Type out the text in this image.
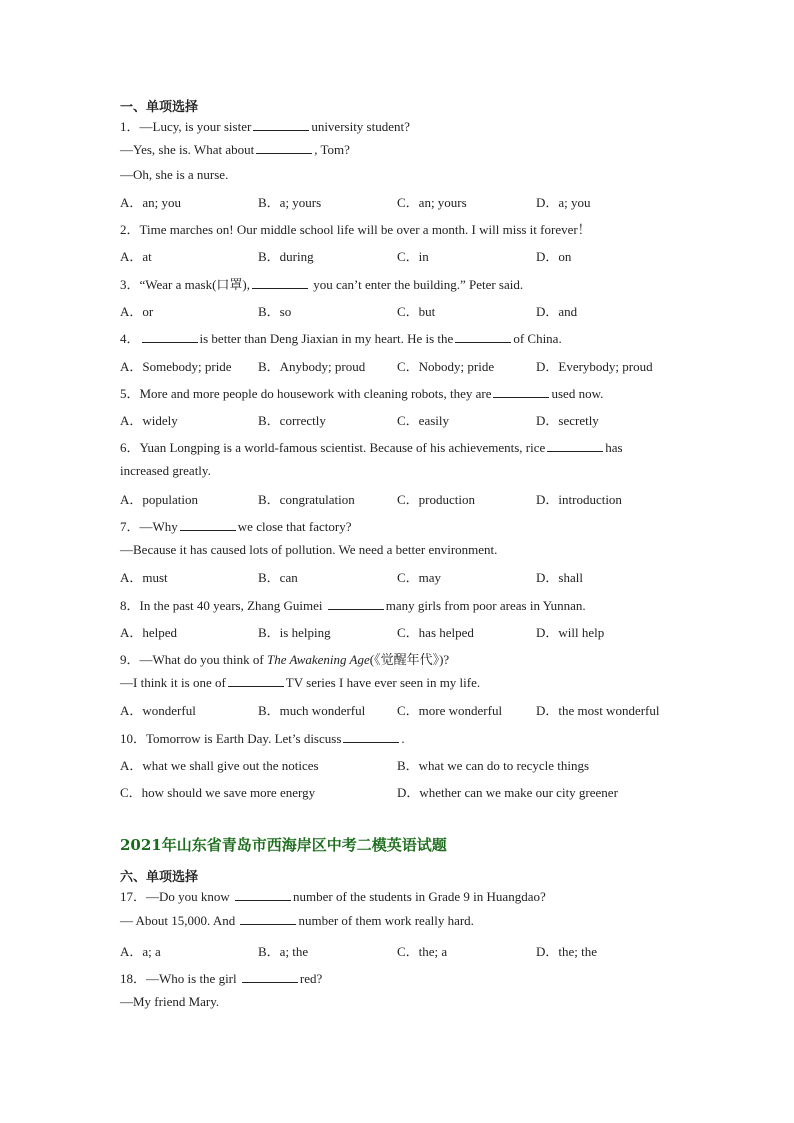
一、单项选择
1．—Lucy, is your sister	university student?
—Yes, she is. What about	, Tom?
—Oh, she is a nurse.
A．an; you	B．a; yours	C．an; yours	D．a; you
2．Time marches on! Our middle school life will be over a month. I will miss it forever！
A．at	B．during	C．in	D．on
3．“Wear a mask(口罩),	you can’t enter the building.” Peter said.
A．or	B．so	C．but	D．and
4．	is better than Deng Jiaxian in my heart. He is the	of China.
A．Somebody; pride B．Anybody; proud C．Nobody; pride	D．Everybody; proud
5．More and more people do housework with cleaning robots, they are	used now.
A．widely	B．correctly	C．easily	D．secretly
6．Yuan Longping is a world-famous scientist. Because of his achievements, rice	has
increased greatly.
A．population	B．congratulation	C．production	D．introduction
7．—Why	we close that factory?
—Because it has caused lots of pollution. We need a better environment.
A．must	B．can	C．may	D．shall
8．In the past 40 years, Zhang Guimei	many girls from poor areas in Yunnan.
A．helped	B．is helping	C．has helped	D．will help
9．—What do you think of The Awakening Age(《觉醒年代》)?
—I think it is one of	TV series I have ever seen in my life.
A．wonderful	B．much wonderful C．more wonderful	D．the most wonderful
10．Tomorrow is Earth Day. Let’s discuss	.
A．what we shall give out the notices	B．what we can do to recycle things
C．how should we save more energy	D．whether can we make our city greener
2021年山东省青岛市西海岸区中考二模英语试题
六、单项选择
17．—Do you know	number of the students in Grade 9 in Huangdao?
— About 15,000. And	number of them work really hard.
A．a; a	B．a; the	C．the; a	D．the; the
18．—Who is the girl	red?
—My friend Mary.
